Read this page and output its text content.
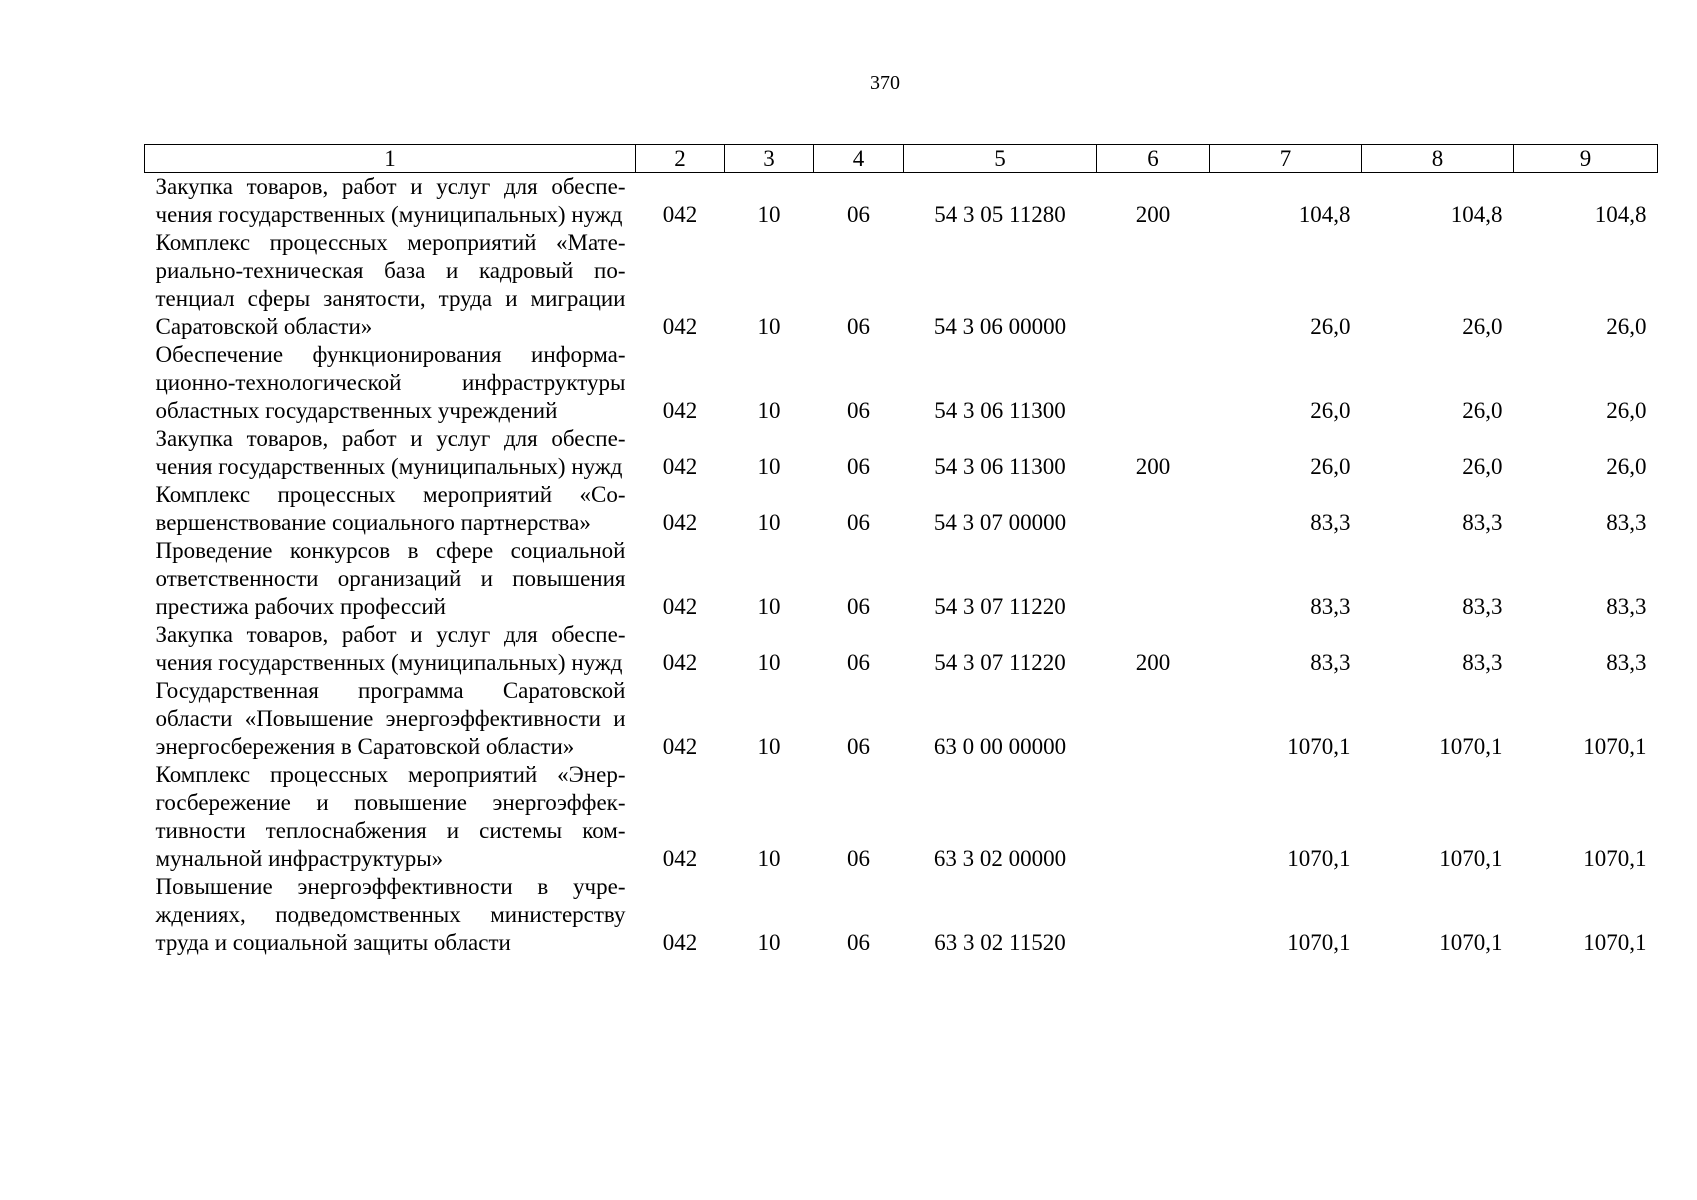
370
1	2	3	4	5	6	7	8	9
Закупка товаров, работ и услуг для обеспечения государственных (муниципальных) нужд	042	10	06	54 3 05 11280	200	104,8	104,8	104,8
Комплекс процессных мероприятий «Материально-техническая база и кадровый потенциал сферы занятости, труда и миграции Саратовской области»	042	10	06	54 3 06 00000		26,0	26,0	26,0
Обеспечение функционирования информационно-технологической инфраструктуры областных государственных учреждений	042	10	06	54 3 06 11300		26,0	26,0	26,0
Закупка товаров, работ и услуг для обеспечения государственных (муниципальных) нужд	042	10	06	54 3 06 11300	200	26,0	26,0	26,0
Комплекс процессных мероприятий «Совершенствование социального партнерства»	042	10	06	54 3 07 00000		83,3	83,3	83,3
Проведение конкурсов в сфере социальной ответственности организаций и повышения престижа рабочих профессий	042	10	06	54 3 07 11220		83,3	83,3	83,3
Закупка товаров, работ и услуг для обеспечения государственных (муниципальных) нужд	042	10	06	54 3 07 11220	200	83,3	83,3	83,3
Государственная программа Саратовской области «Повышение энергоэффективности и энергосбережения в Саратовской области»	042	10	06	63 0 00 00000		1070,1	1070,1	1070,1
Комплекс процессных мероприятий «Энергосбережение и повышение энергоэффективности теплоснабжения и системы коммунальной инфраструктуры»	042	10	06	63 3 02 00000		1070,1	1070,1	1070,1
Повышение энергоэффективности в учреждениях, подведомственных министерству труда и социальной защиты области	042	10	06	63 3 02 11520		1070,1	1070,1	1070,1
